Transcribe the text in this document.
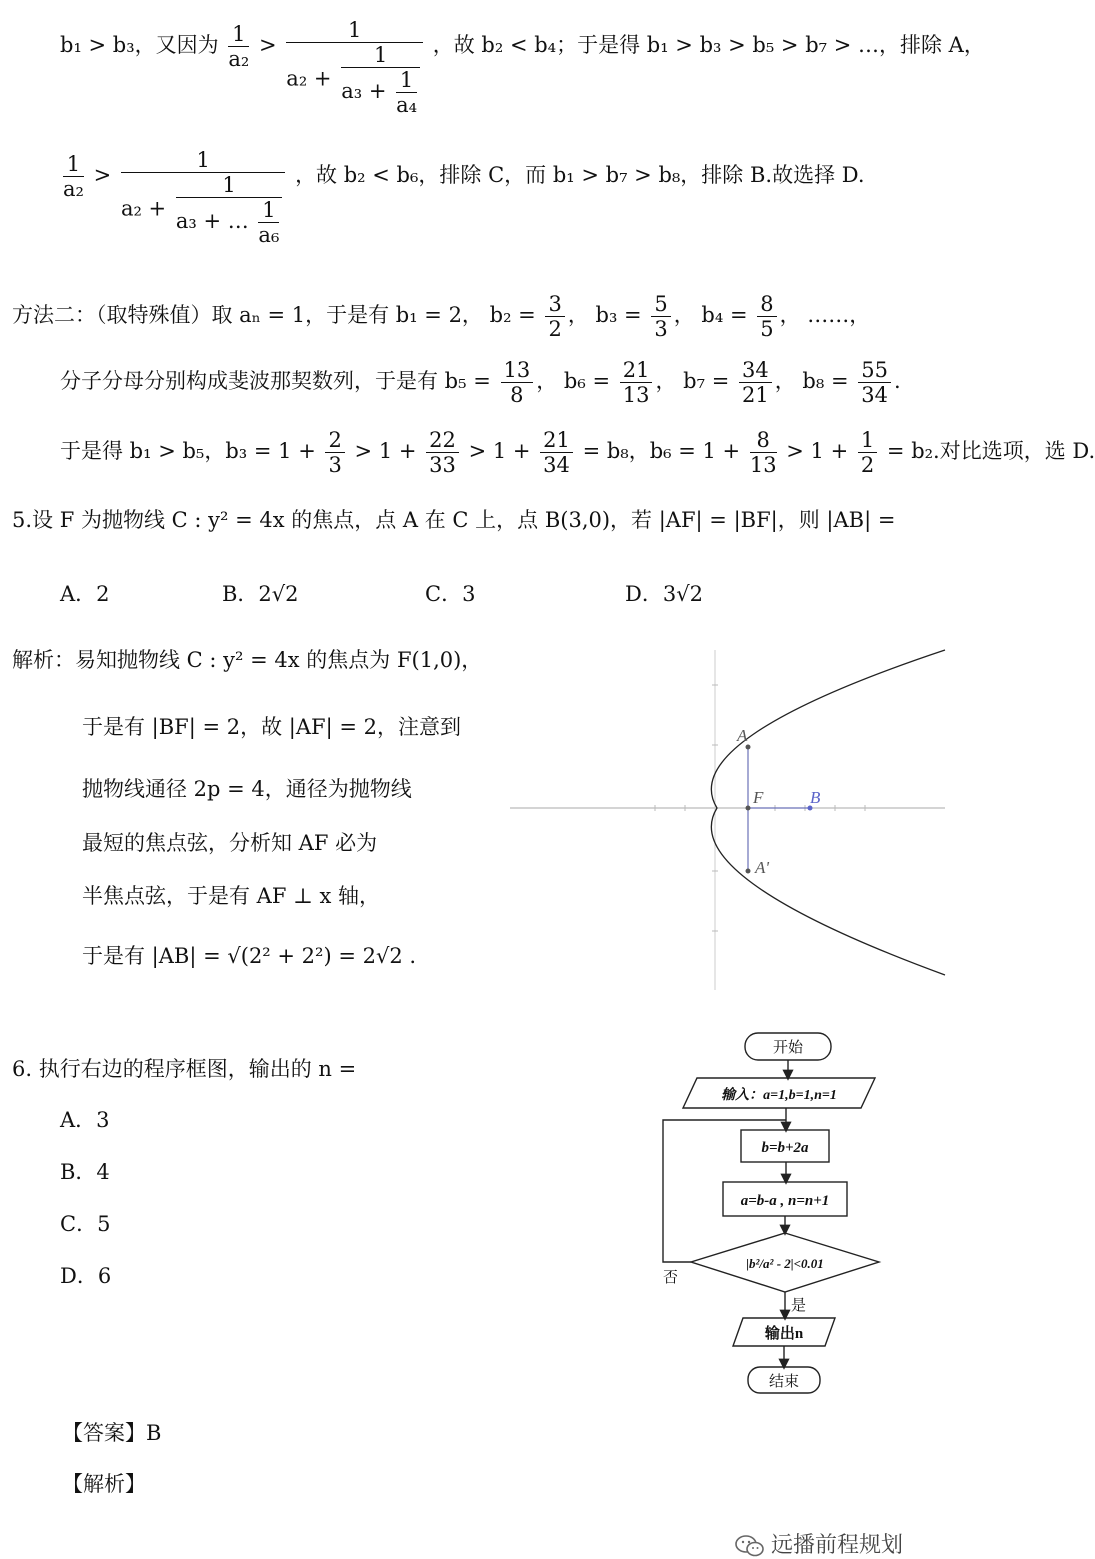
b₁ > b₃，又因为 $\frac{1}{\text{a₂}} > \frac{1}{a_2 + \frac{1}{a_3 + \frac{1}{\text{a₄}}}}$ ，故 b₂ < b₄；于是得 b₁ > b₃ > b₅ > b₇ > …，排除 A，
$\frac{1}{\text{a₂}}$ >
1
$a_2 + \frac{1}{a_3 + \dots \frac{1}{\text{a₆}}}$ ，故 b₂ < b₆，排除 C，而 b₁ > b₇ > b₈，排除 B.故选择 D.
方法二：（取特殊值）取 aₙ = 1，于是有 b₁ = 2， $b_2 = \frac{3}{2}$ ， $b_3 = \frac{5}{3}$ ， $b_4 = \frac{8}{5}$ ， ……，
分子分母分别构成斐波那契数列，于是有 $b_5 = \frac{13}{8}$ ， $b_6 = \frac{21}{13}$ ， $b_7 = \frac{34}{21}$ ， $b_8 = \frac{55}{34}$ .
于是得 b₁ > b₅，$b_3 = 1 + \frac{2}{3} > 1 + \frac{22}{33} > 1 + \frac{21}{34} = b_8$，$b_6 = 1 + \frac{8}{13} > 1 + \frac{1}{2} = b_2$.对比选项，选 D.
5.设 F 为抛物线 C : y² = 4x 的焦点，点 A 在 C 上，点 B(3,0)，若 |AF| = |BF|，则 |AB| =
A．2	B．2√2	C．3	D．3√2
解析：易知抛物线 C : y² = 4x 的焦点为 F(1,0)，
于是有 |BF| = 2，故 |AF| = 2，注意到
抛物线通径 2p = 4，通径为抛物线
最短的焦点弦，分析知 AF 必为
半焦点弦，于是有 AF ⊥ x 轴，
于是有 |AB| = √(2² + 2²) = 2√2 .
A
F	B
A'
6. 执行右边的程序框图，输出的 n =
A．3
B．4
C．5
D．6
开始
输入：a=1,b=1,n=1
b=b+2a
a=b-a , n=n+1
|b²/a² - 2|<0.01
否
是
输出n
结束
【答案】B
【解析】
远播前程规划
